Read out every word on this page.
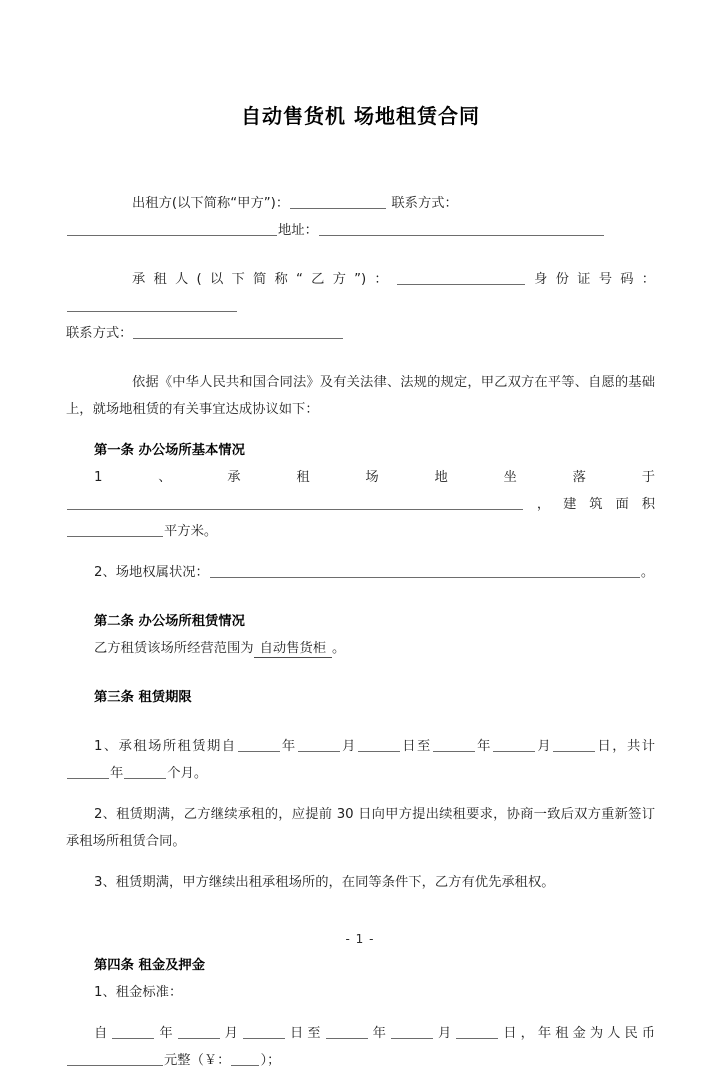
自动售货机 场地租赁合同

出租方(以下简称“甲方”)：	联系方式：

地址：

承租人(以下简称“乙方”)：	身份证号码：

联系方式：

依据《中华人民共和国合同法》及有关法律、法规的规定，甲乙双方在平等、自愿的基础上，就场地租赁的有关事宜达成协议如下：

第一条 办公场所基本情况

1、承租场地坐落于，建筑面积平方米。

2、场地权属状况：	。

第二条 办公场所租赁情况

乙方租赁该场所经营范围为 自动售货柜 。

第三条 租赁期限

1、承租场所租赁期自	年	月	日至	年	月	日，共计年	个月。

2、租赁期满，乙方继续承租的，应提前 30 日向甲方提出续租要求，协商一致后双方重新签订承租场所租赁合同。

3、租赁期满，甲方继续出租承租场所的，在同等条件下，乙方有优先承租权。

第四条 租金及押金

1、租金标准：

自	年	月	日至	年	月	日，年租金为人民币元整（￥： ）；

- 1 -
